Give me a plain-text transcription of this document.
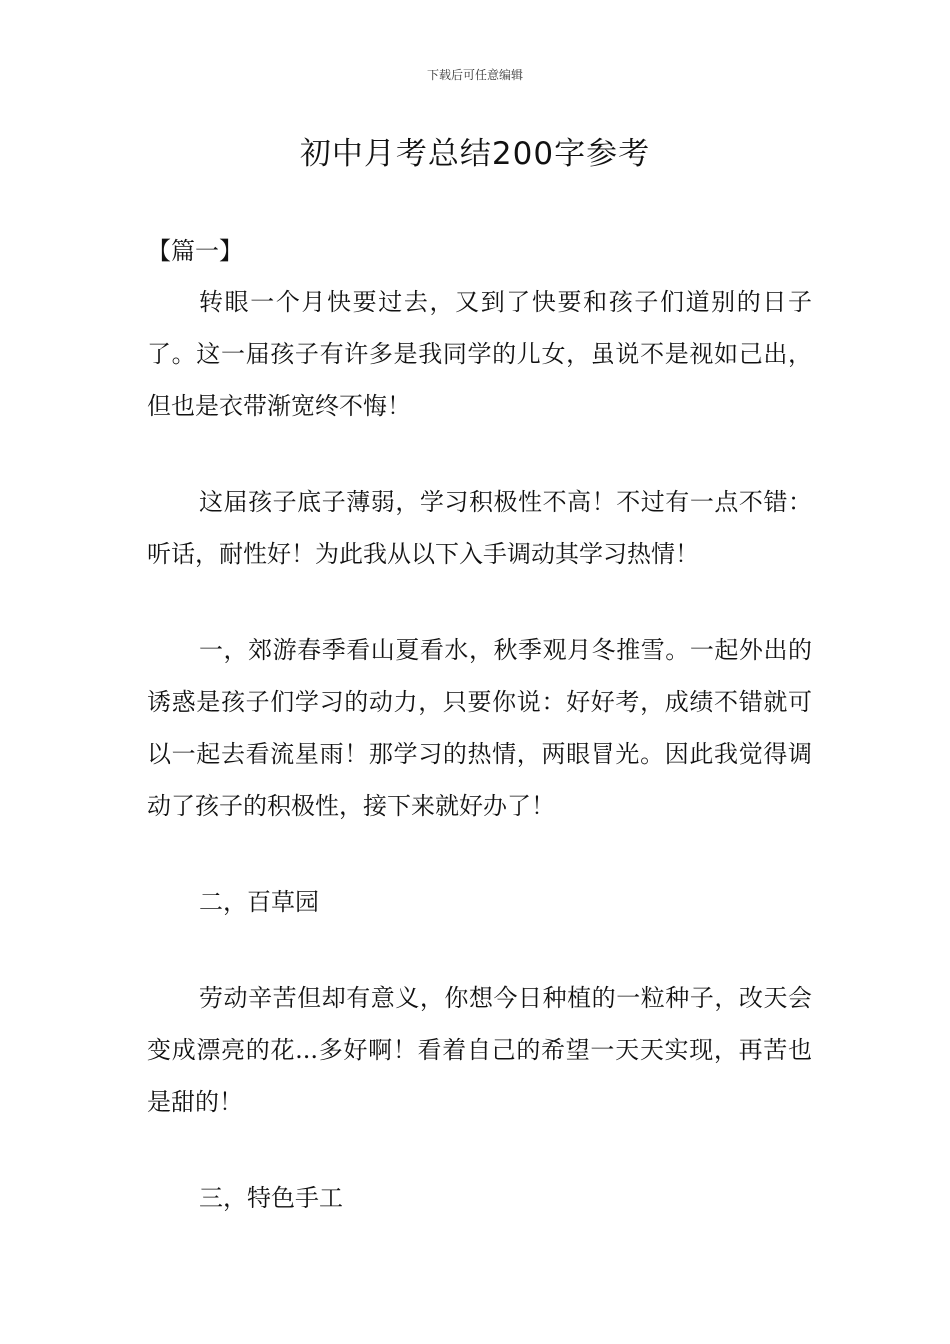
下载后可任意编辑
初中月考总结200字参考
【篇一】

转眼一个月快要过去，又到了快要和孩子们道别的日子了。这一届孩子有许多是我同学的儿女，虽说不是视如己出，但也是衣带渐宽终不悔！

这届孩子底子薄弱，学习积极性不高！不过有一点不错：听话，耐性好！为此我从以下入手调动其学习热情！

一，郊游春季看山夏看水，秋季观月冬推雪。一起外出的诱惑是孩子们学习的动力，只要你说：好好考，成绩不错就可以一起去看流星雨！那学习的热情，两眼冒光。因此我觉得调动了孩子的积极性，接下来就好办了！

二，百草园

劳动辛苦但却有意义，你想今日种植的一粒种子，改天会变成漂亮的花...多好啊！看着自己的希望一天天实现，再苦也是甜的！

三，特色手工
